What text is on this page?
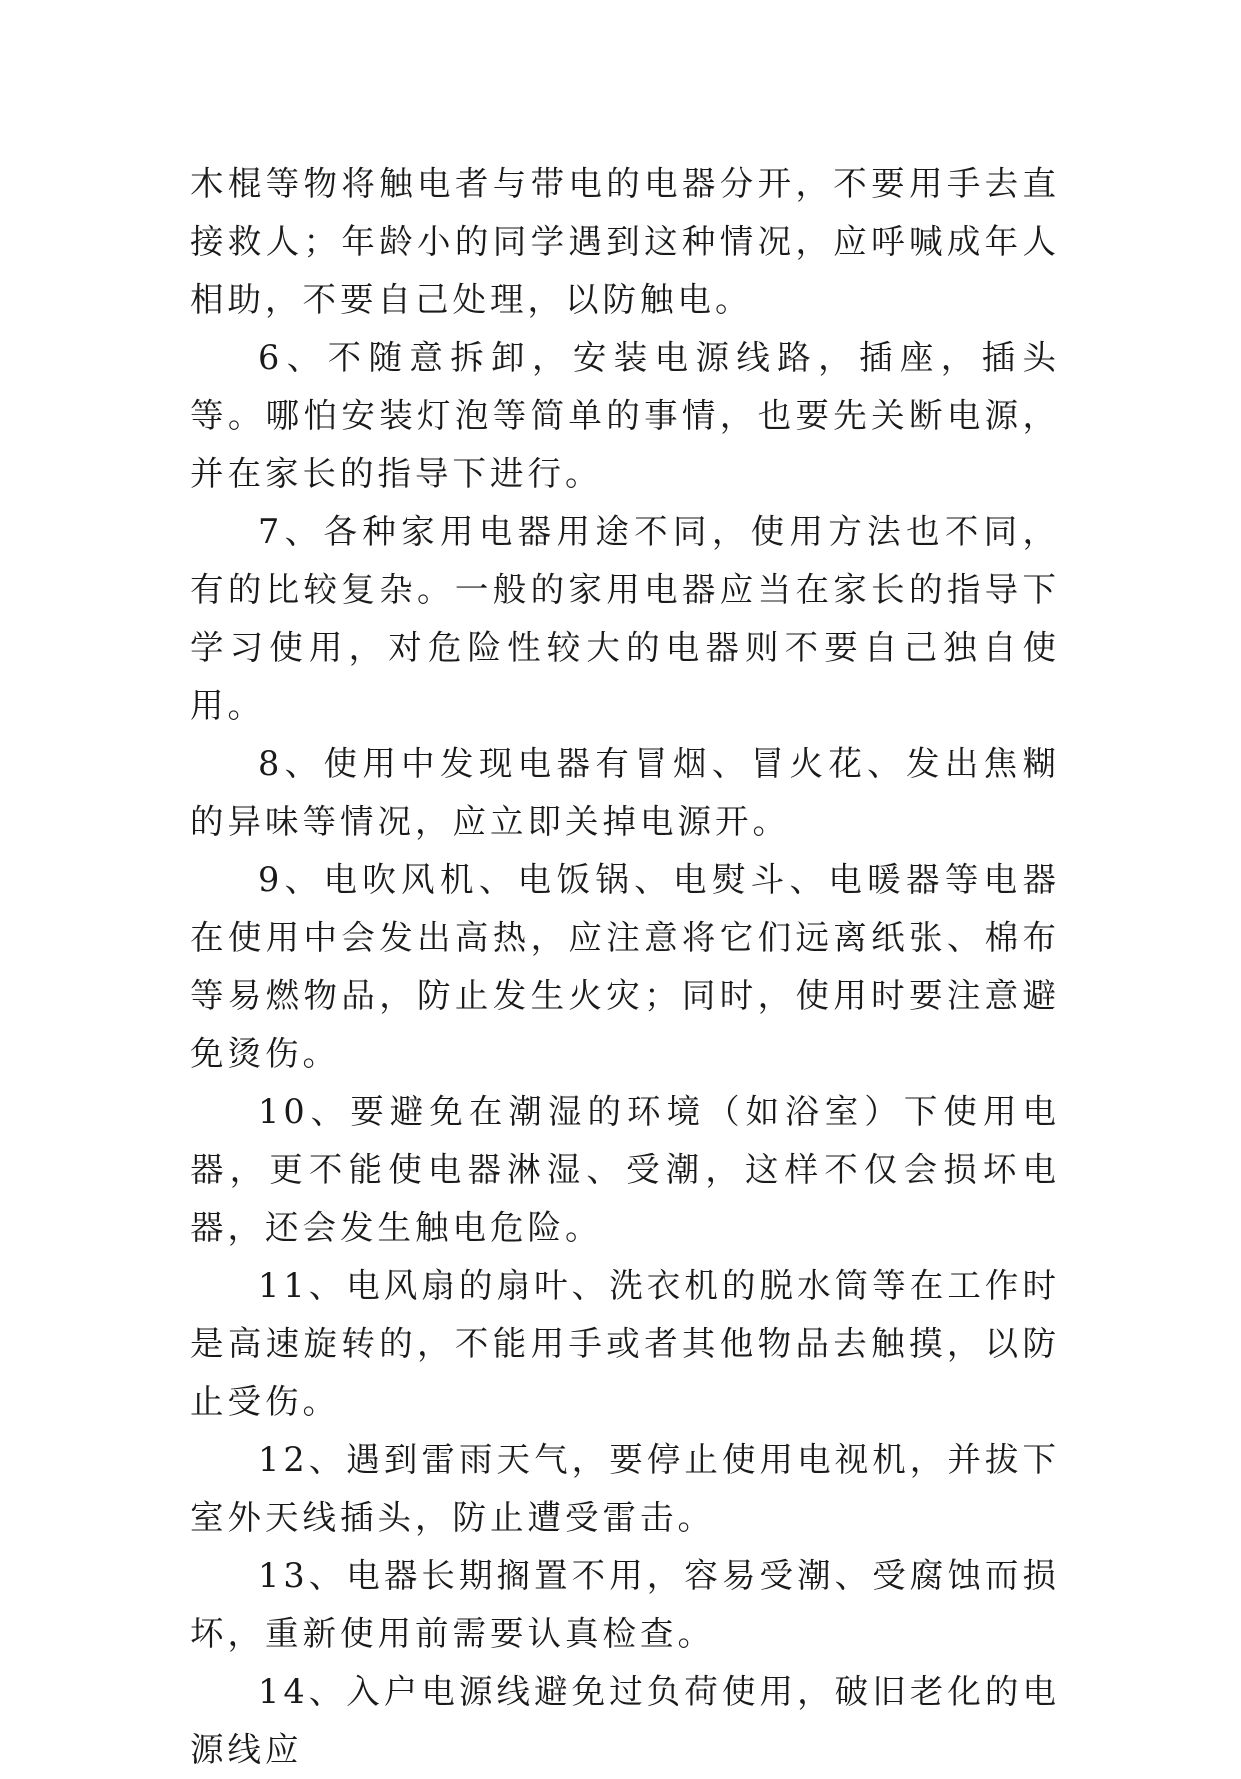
木棍等物将触电者与带电的电器分开，不要用手去直接救人；年龄小的同学遇到这种情况，应呼喊成年人相助，不要自己处理，以防触电。

6、不随意拆卸，安装电源线路，插座，插头等。哪怕安装灯泡等简单的事情，也要先关断电源，并在家长的指导下进行。

7、各种家用电器用途不同，使用方法也不同，有的比较复杂。一般的家用电器应当在家长的指导下学习使用，对危险性较大的电器则不要自己独自使用。

8、使用中发现电器有冒烟、冒火花、发出焦糊的异味等情况，应立即关掉电源开。

9、电吹风机、电饭锅、电熨斗、电暖器等电器在使用中会发出高热，应注意将它们远离纸张、棉布等易燃物品，防止发生火灾；同时，使用时要注意避免烫伤。

10、要避免在潮湿的环境（如浴室）下使用电器，更不能使电器淋湿、受潮，这样不仅会损坏电器，还会发生触电危险。

11、电风扇的扇叶、洗衣机的脱水筒等在工作时是高速旋转的，不能用手或者其他物品去触摸，以防止受伤。

12、遇到雷雨天气，要停止使用电视机，并拔下室外天线插头，防止遭受雷击。

13、电器长期搁置不用，容易受潮、受腐蚀而损坏，重新使用前需要认真检查。

14、入户电源线避免过负荷使用，破旧老化的电源线应
